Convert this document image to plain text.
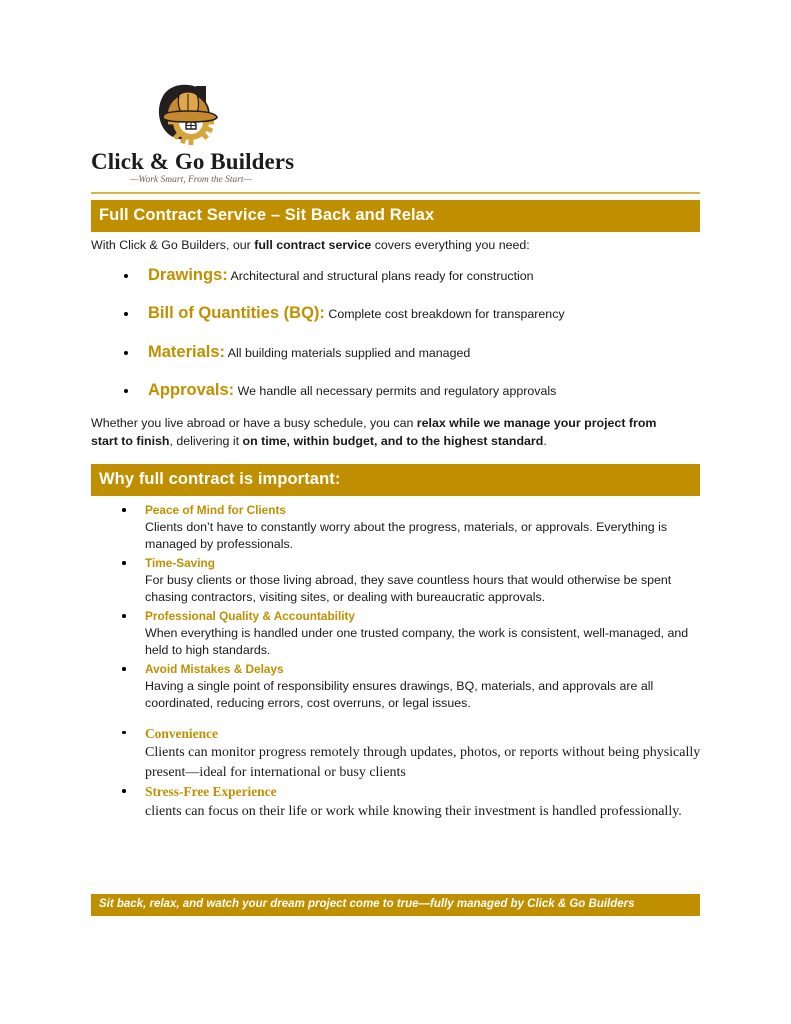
Click & Go Builders
—Work Smart, From the Start—
Full Contract Service – Sit Back and Relax
With Click & Go Builders, our full contract service covers everything you need:
Drawings: Architectural and structural plans ready for construction
Bill of Quantities (BQ): Complete cost breakdown for transparency
Materials: All building materials supplied and managed
Approvals: We handle all necessary permits and regulatory approvals
Whether you live abroad or have a busy schedule, you can relax while we manage your project from start to finish, delivering it on time, within budget, and to the highest standard.
Why full contract is important:
Peace of Mind for Clients
Clients don’t have to constantly worry about the progress, materials, or approvals. Everything is managed by professionals.
Time-Saving
For busy clients or those living abroad, they save countless hours that would otherwise be spent chasing contractors, visiting sites, or dealing with bureaucratic approvals.
Professional Quality & Accountability
When everything is handled under one trusted company, the work is consistent, well-managed, and held to high standards.
Avoid Mistakes & Delays
Having a single point of responsibility ensures drawings, BQ, materials, and approvals are all coordinated, reducing errors, cost overruns, or legal issues.
Convenience
Clients can monitor progress remotely through updates, photos, or reports without being physically present—ideal for international or busy clients
Stress-Free Experience
clients can focus on their life or work while knowing their investment is handled professionally.
Sit back, relax, and watch your dream project come to true—fully managed by Click & Go Builders
